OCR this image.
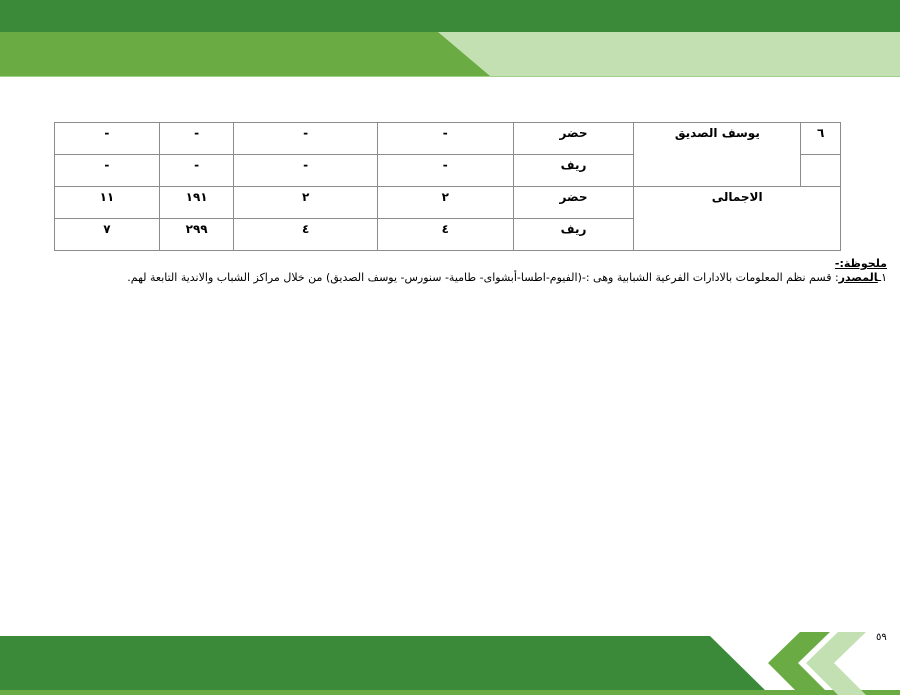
٦	يوسف الصديق	حضر	-	-	-	-
		ريف	-	-	-	-
الاجمالى		حضر	٢	٢	١٩١	١١
		ريف	٤	٤	٢٩٩	٧
ملحوظة:-
١ـالمصدر: قسم نظم المعلومات بالادارات الفرعية الشبابية وهى :-(الفيوم-اطسا-أبشواى- طامية- سنورس- يوسف الصديق) من خلال مراكز الشباب والاندية التابعة لهم.
٥٩
